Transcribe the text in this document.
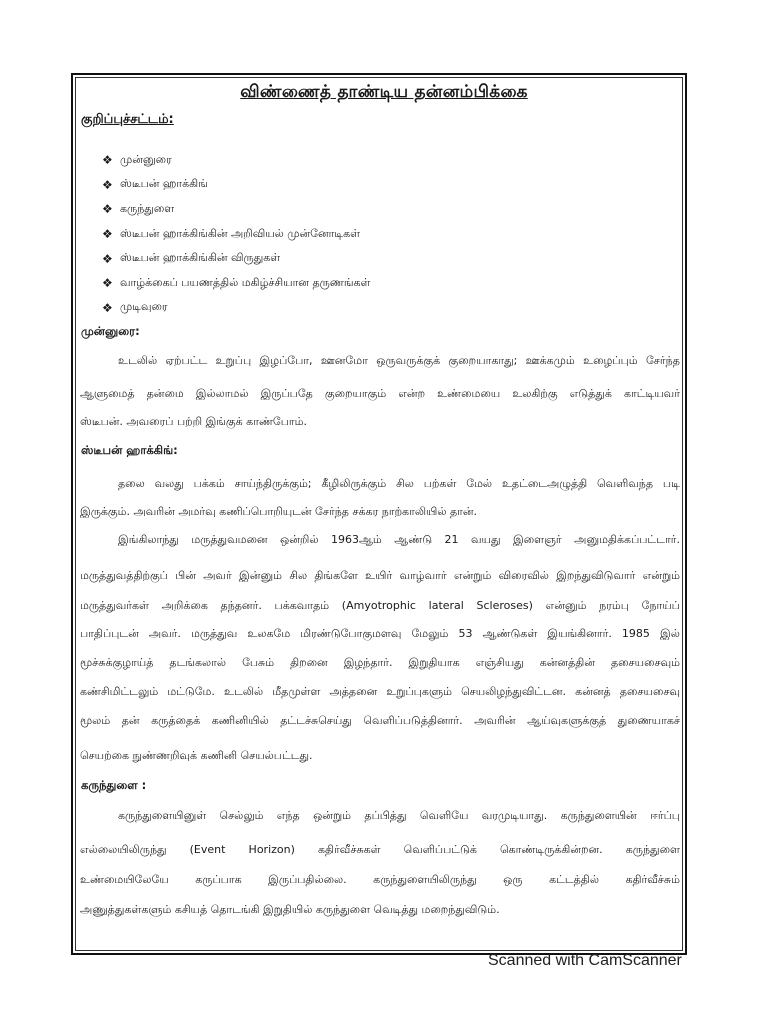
விண்ணைத் தாண்டிய தன்னம்பிக்கை
குறிப்புச்சட்டம்:
❖ முன்னுரை
❖ ஸ்டீபன் ஹாக்கிங்
❖ கருந்துளை
❖ ஸ்டீபன் ஹாக்கிங்கின் அறிவியல் முன்னோடிகள்
❖ ஸ்டீபன் ஹாக்கிங்கின் விருதுகள்
❖ வாழ்க்கைப் பயணத்தில் மகிழ்ச்சியான தருணங்கள்
❖ முடிவுரை
முன்னுரை:
உடலில் ஏற்பட்ட உறுப்பு இழப்போ, ஊனமோ ஒருவருக்குக் குறையாகாது; ஊக்கமும் உழைப்பும் சேர்ந்த
ஆளுமைத் தன்மை இல்லாமல் இருப்பதே குறையாகும் என்ற உண்மையை உலகிற்கு எடுத்துக் காட்டியவர்
ஸ்டீபன். அவரைப் பற்றி இங்குக் காண்போம்.
ஸ்டீபன் ஹாக்கிங்:
தலை வலது பக்கம் சாய்ந்திருக்கும்; கீழிலிருக்கும் சில பற்கள் மேல் உதட்டைஅழுத்தி வெளிவந்த படி
இருக்கும். அவரின் அமர்வு கணிப்பொறியுடன் சேர்ந்த சக்கர நாற்காலியில் தான்.
இங்கிலாந்து மருத்துவமனை ஒன்றில் 1963ஆம் ஆண்டு 21 வயது இளைஞர் அனுமதிக்கப்பட்டார்.
மருத்துவத்திற்குப் பின் அவர் இன்னும் சில திங்களே உயிர் வாழ்வார் என்றும் விரைவில் இறந்துவிடுவார் என்றும்
மருத்துவர்கள் அறிக்கை தந்தனர். பக்கவாதம் (Amyotrophic lateral Scleroses) என்னும் நரம்பு நோய்ப்
பாதிப்புடன் அவர். மருத்துவ உலகமே மிரண்டுபோகுமளவு மேலும் 53 ஆண்டுகள் இயங்கினார். 1985 இல்
மூச்சுக்குழாய்த் தடங்கலால் பேசும் திறனை இழந்தார். இறுதியாக எஞ்சியது கன்னத்தின் தசையசைவும்
கண்சிமிட்டலும் மட்டுமே. உடலில் மீதமுள்ள அத்தனை உறுப்புகளும் செயலிழந்துவிட்டன. கன்னத் தசையசைவு
மூலம் தன் கருத்தைக் கணினியில் தட்டச்சுசெய்து வெளிப்படுத்தினார். அவரின் ஆய்வுகளுக்குத் துணையாகச்
செயற்கை நுண்ணறிவுக் கணினி செயல்பட்டது.
கருந்துளை :
கருந்துளையினுள் செல்லும் எந்த ஒன்றும் தப்பித்து வெளியே வரமுடியாது. கருந்துளையின் ஈர்ப்பு
எல்லையிலிருந்து (Event Horizon) கதிர்வீச்சுகள் வெளிப்பட்டுக் கொண்டிருக்கின்றன. கருந்துளை
உண்மையிலேயே கருப்பாக இருப்பதில்லை. கருந்துளையிலிருந்து ஒரு கட்டத்தில் கதிர்வீச்சும்
அணுத்துகள்களும் கசியத் தொடங்கி இறுதியில் கருந்துளை வெடித்து மறைந்துவிடும்.
Scanned with CamScanner
